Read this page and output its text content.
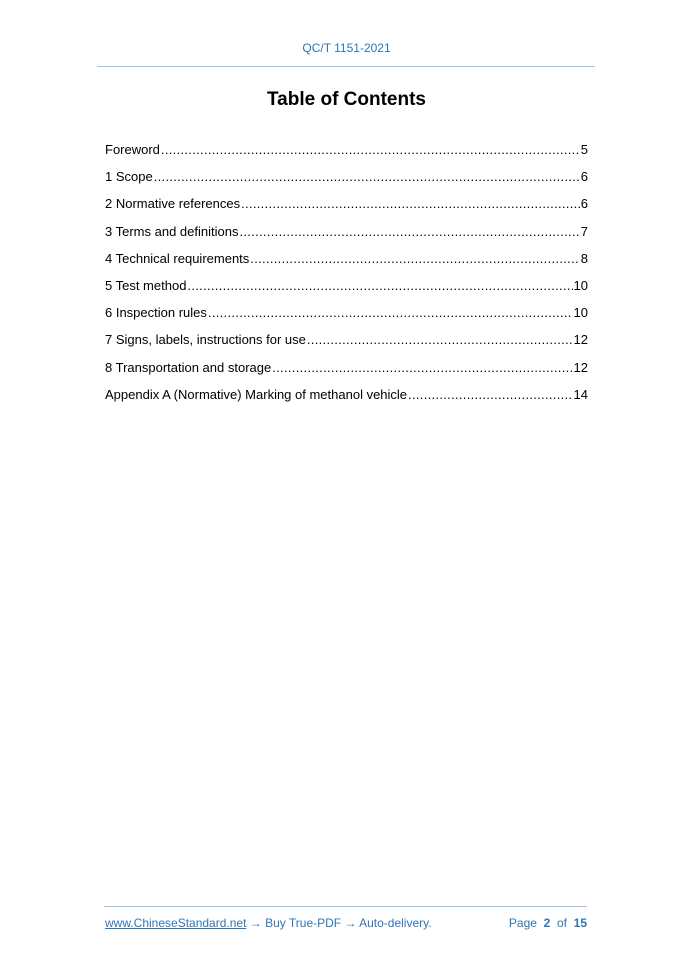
QC/T 1151-2021
Table of Contents
Foreword .....	5
1 Scope .....	6
2 Normative references .....	6
3 Terms and definitions .....	7
4 Technical requirements .....	8
5 Test method .....	10
6 Inspection rules .....	10
7 Signs, labels, instructions for use .....	12
8 Transportation and storage .....	12
Appendix A (Normative) Marking of methanol vehicle .....	14
www.ChineseStandard.net → Buy True-PDF → Auto-delivery.	Page 2 of 15
